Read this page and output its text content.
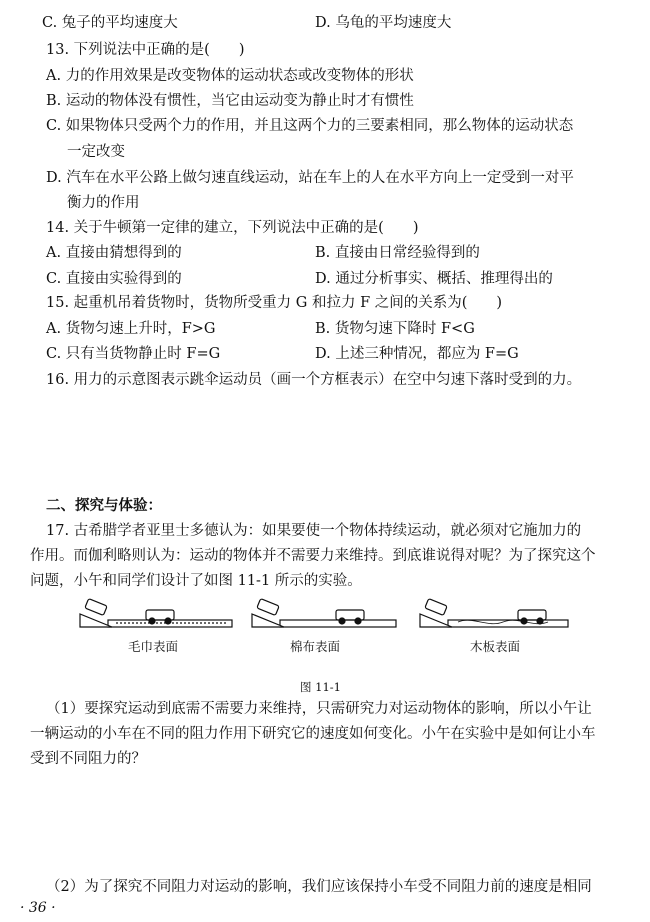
C. 兔子的平均速度大	D. 乌龟的平均速度大
13. 下列说法中正确的是(　　)
A. 力的作用效果是改变物体的运动状态或改变物体的形状
B. 运动的物体没有惯性，当它由运动变为静止时才有惯性
C. 如果物体只受两个力的作用，并且这两个力的三要素相同，那么物体的运动状态
一定改变
D. 汽车在水平公路上做匀速直线运动，站在车上的人在水平方向上一定受到一对平
衡力的作用
14. 关于牛顿第一定律的建立，下列说法中正确的是(　　)
A. 直接由猜想得到的	B. 直接由日常经验得到的
C. 直接由实验得到的	D. 通过分析事实、概括、推理得出的
15. 起重机吊着货物时，货物所受重力 G 和拉力 F 之间的关系为(　　)
A. 货物匀速上升时，F>G	B. 货物匀速下降时 F<G
C. 只有当货物静止时 F=G	D. 上述三种情况，都应为 F=G
16. 用力的示意图表示跳伞运动员（画一个方框表示）在空中匀速下落时受到的力。
二、探究与体验：
17. 古希腊学者亚里士多德认为：如果要使一个物体持续运动，就必须对它施加力的
作用。而伽利略则认为：运动的物体并不需要力来维持。到底谁说得对呢？为了探究这个
问题，小午和同学们设计了如图 11-1 所示的实验。
毛巾表面	棉布表面	木板表面
图 11-1
（1）要探究运动到底需不需要力来维持，只需研究力对运动物体的影响，所以小午让
一辆运动的小车在不同的阻力作用下研究它的速度如何变化。小午在实验中是如何让小车
受到不同阻力的？
（2）为了探究不同阻力对运动的影响，我们应该保持小车受不同阻力前的速度是相同
· 36 ·
